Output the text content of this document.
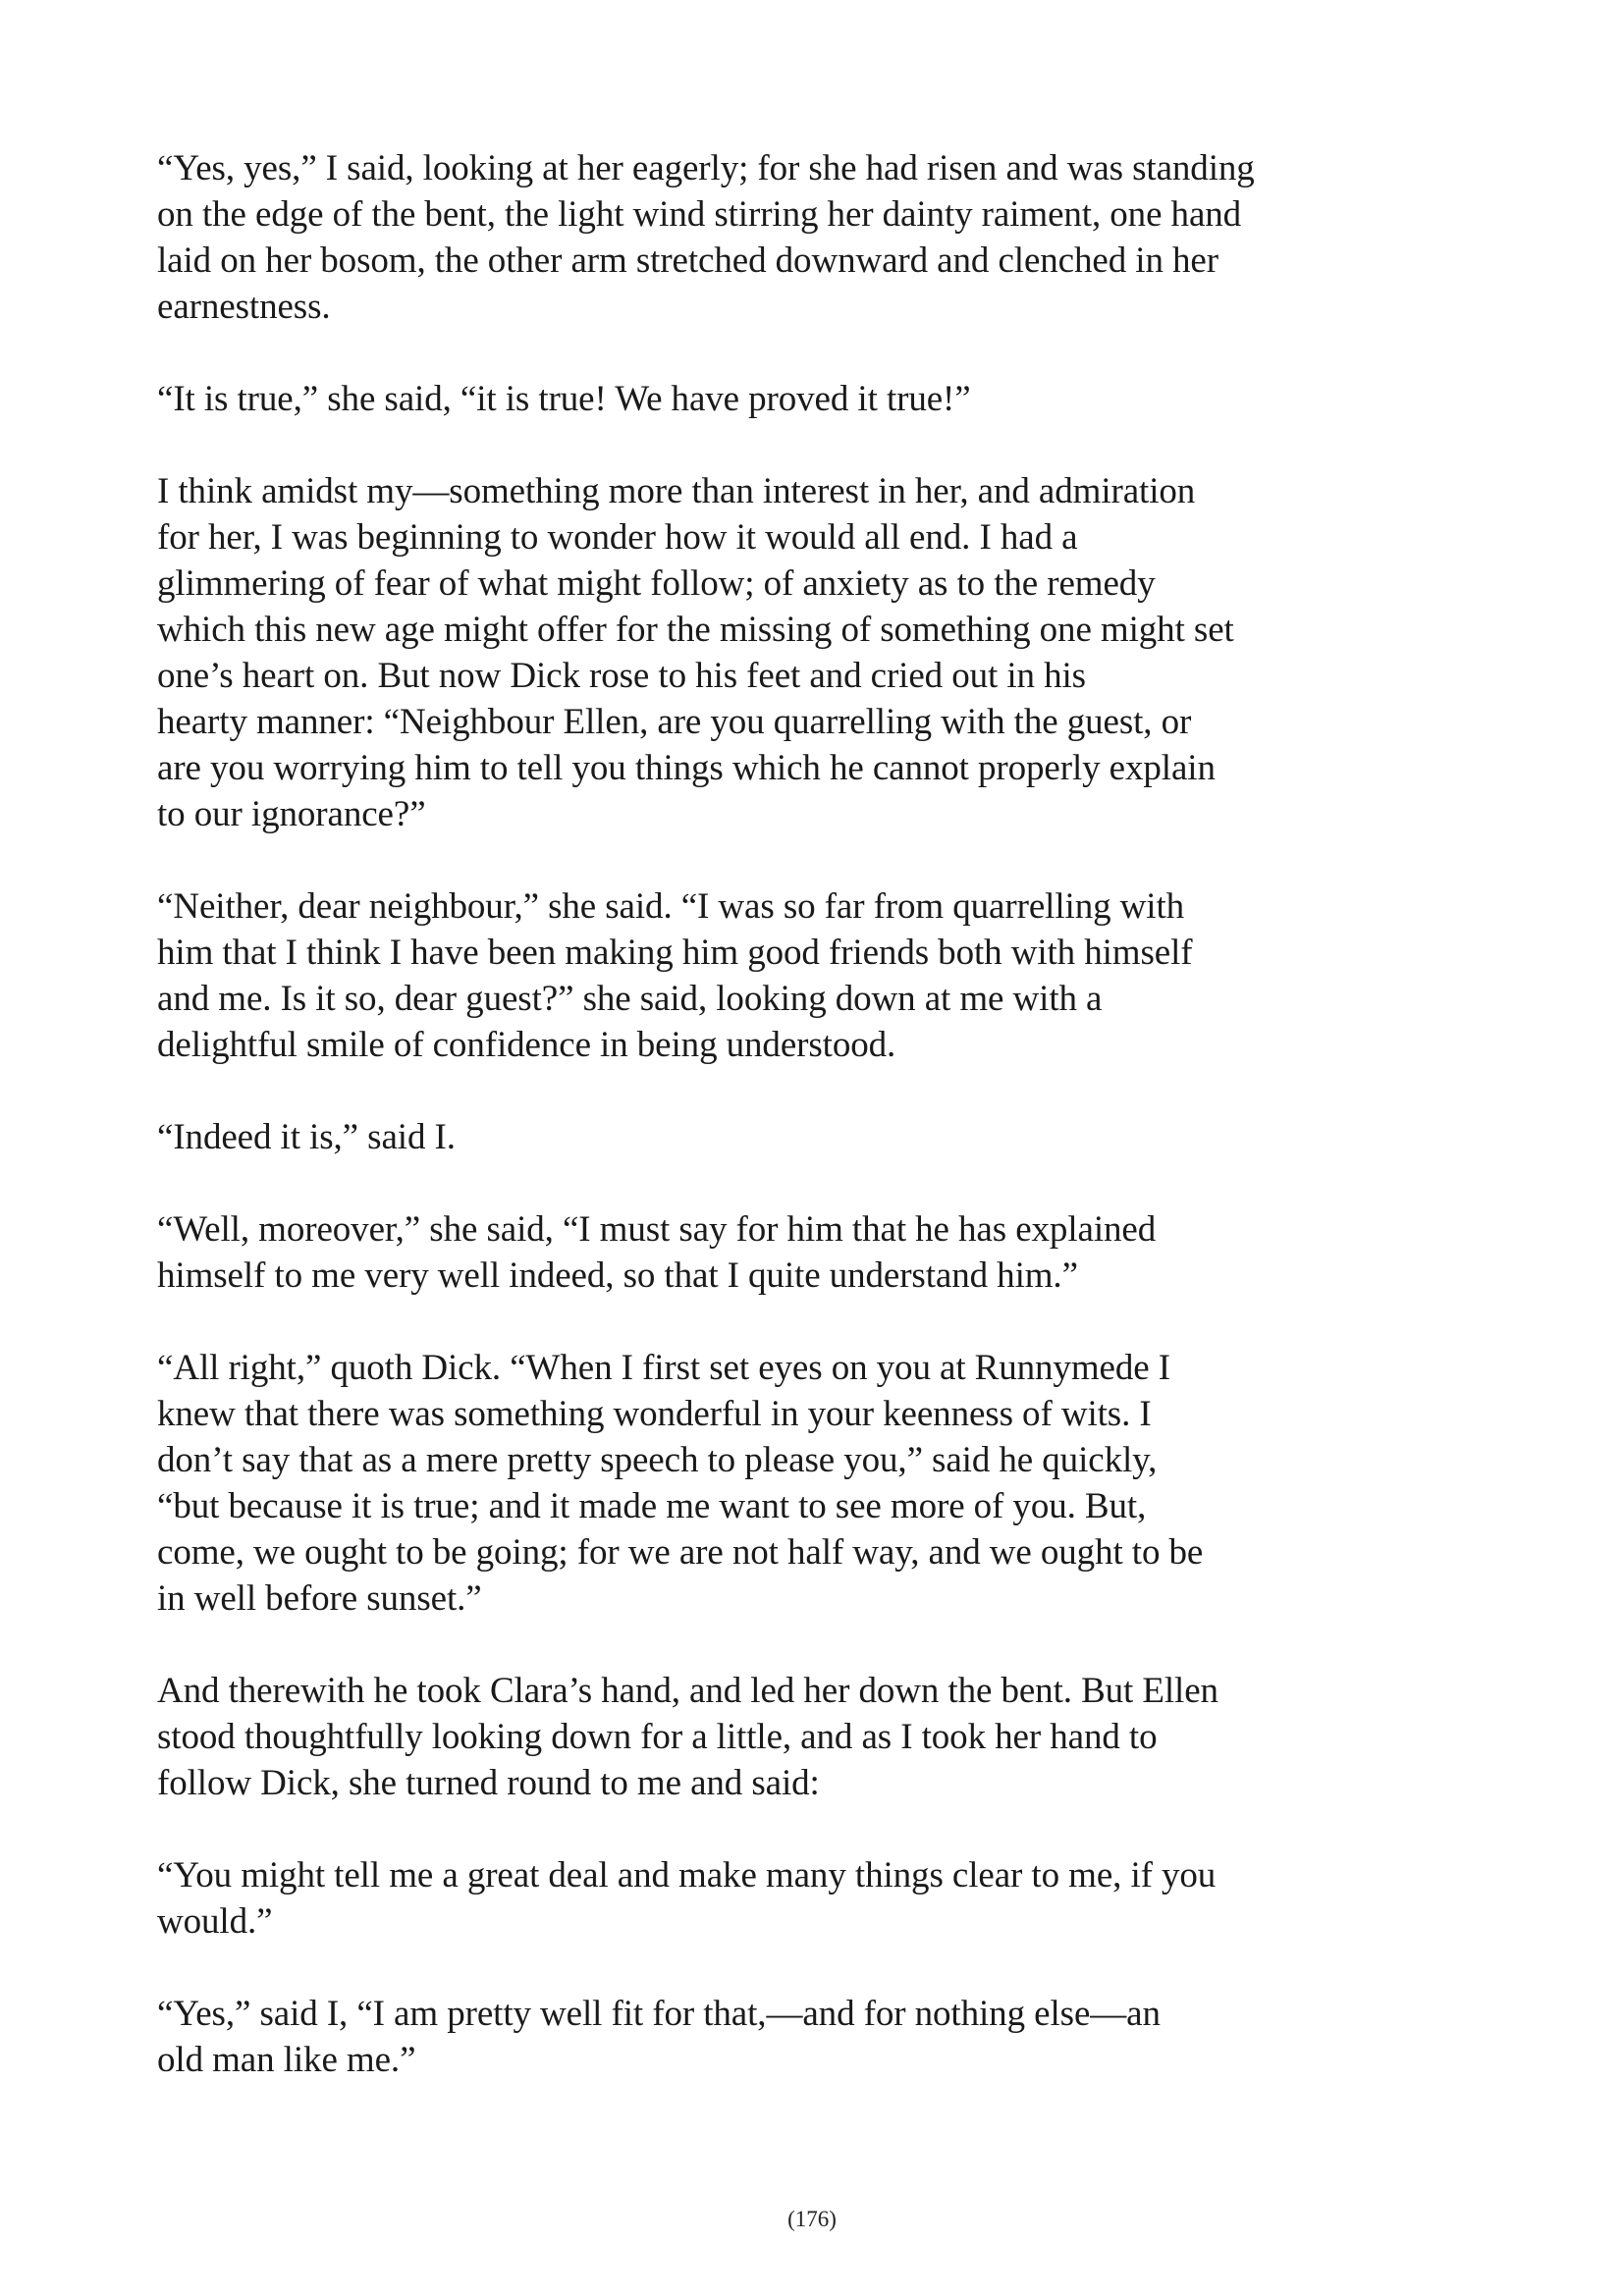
“Yes, yes,” I said, looking at her eagerly; for she had risen and was standing
on the edge of the bent, the light wind stirring her dainty raiment, one hand
laid on her bosom, the other arm stretched downward and clenched in her
earnestness.

“It is true,” she said, “it is true! We have proved it true!”

I think amidst my—something more than interest in her, and admiration
for her, I was beginning to wonder how it would all end. I had a
glimmering of fear of what might follow; of anxiety as to the remedy
which this new age might offer for the missing of something one might set
one’s heart on. But now Dick rose to his feet and cried out in his
hearty manner: “Neighbour Ellen, are you quarrelling with the guest, or
are you worrying him to tell you things which he cannot properly explain
to our ignorance?”

“Neither, dear neighbour,” she said. “I was so far from quarrelling with
him that I think I have been making him good friends both with himself
and me. Is it so, dear guest?” she said, looking down at me with a
delightful smile of confidence in being understood.

“Indeed it is,” said I.

“Well, moreover,” she said, “I must say for him that he has explained
himself to me very well indeed, so that I quite understand him.”

“All right,” quoth Dick. “When I first set eyes on you at Runnymede I
knew that there was something wonderful in your keenness of wits. I
don’t say that as a mere pretty speech to please you,” said he quickly,
“but because it is true; and it made me want to see more of you. But,
come, we ought to be going; for we are not half way, and we ought to be
in well before sunset.”

And therewith he took Clara’s hand, and led her down the bent. But Ellen
stood thoughtfully looking down for a little, and as I took her hand to
follow Dick, she turned round to me and said:

“You might tell me a great deal and make many things clear to me, if you
would.”

“Yes,” said I, “I am pretty well fit for that,—and for nothing else—an
old man like me.”

(176)
